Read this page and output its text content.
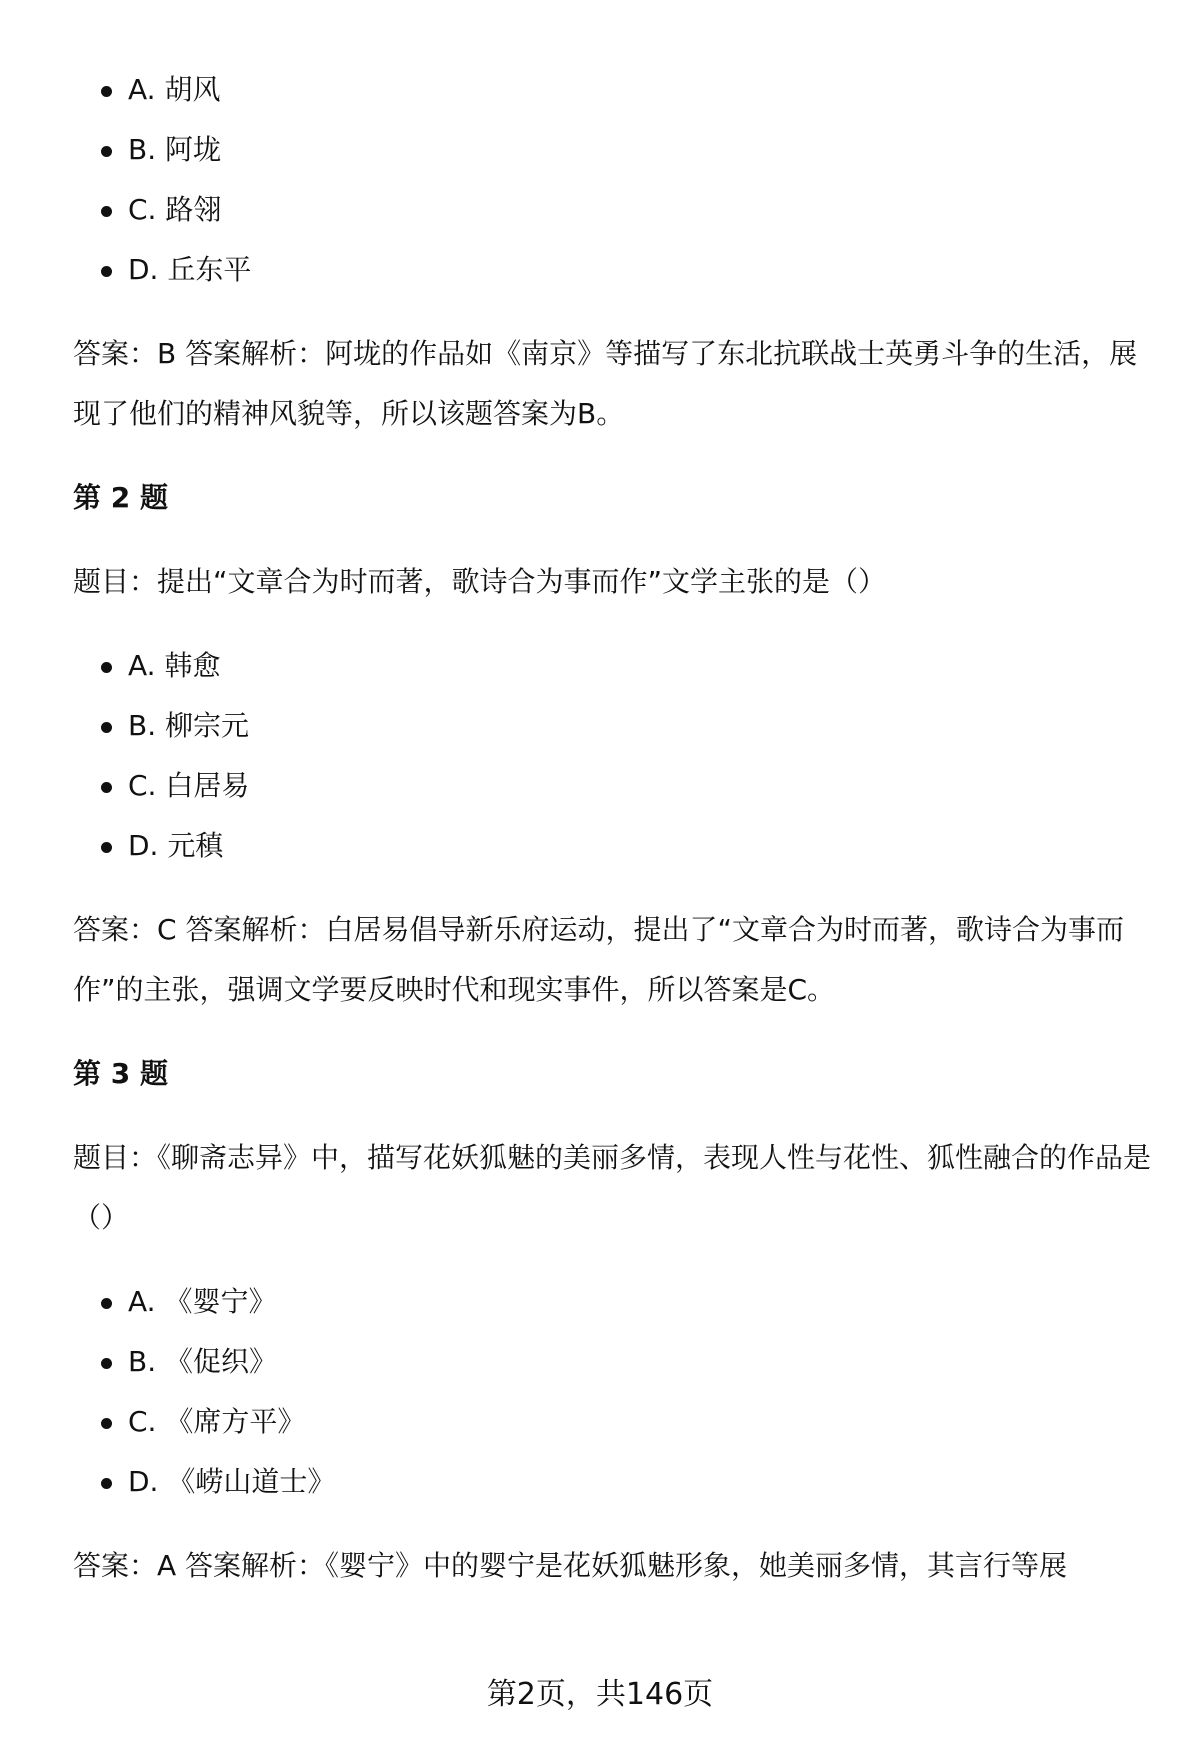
A. 胡风
B. 阿垅
C. 路翎
D. 丘东平

答案：B 答案解析：阿垅的作品如《南京》等描写了东北抗联战士英勇斗争的生活，展现了他们的精神风貌等，所以该题答案为B。

第 2 题

题目：提出“文章合为时而著，歌诗合为事而作”文学主张的是（）

A. 韩愈
B. 柳宗元
C. 白居易
D. 元稹

答案：C 答案解析：白居易倡导新乐府运动，提出了“文章合为时而著，歌诗合为事而作”的主张，强调文学要反映时代和现实事件，所以答案是C。

第 3 题

题目：《聊斋志异》中，描写花妖狐魅的美丽多情，表现人性与花性、狐性融合的作品是（）

A. 《婴宁》
B. 《促织》
C. 《席方平》
D. 《崂山道士》

答案：A 答案解析：《婴宁》中的婴宁是花妖狐魅形象，她美丽多情，其言行等展

第2页，共146页
